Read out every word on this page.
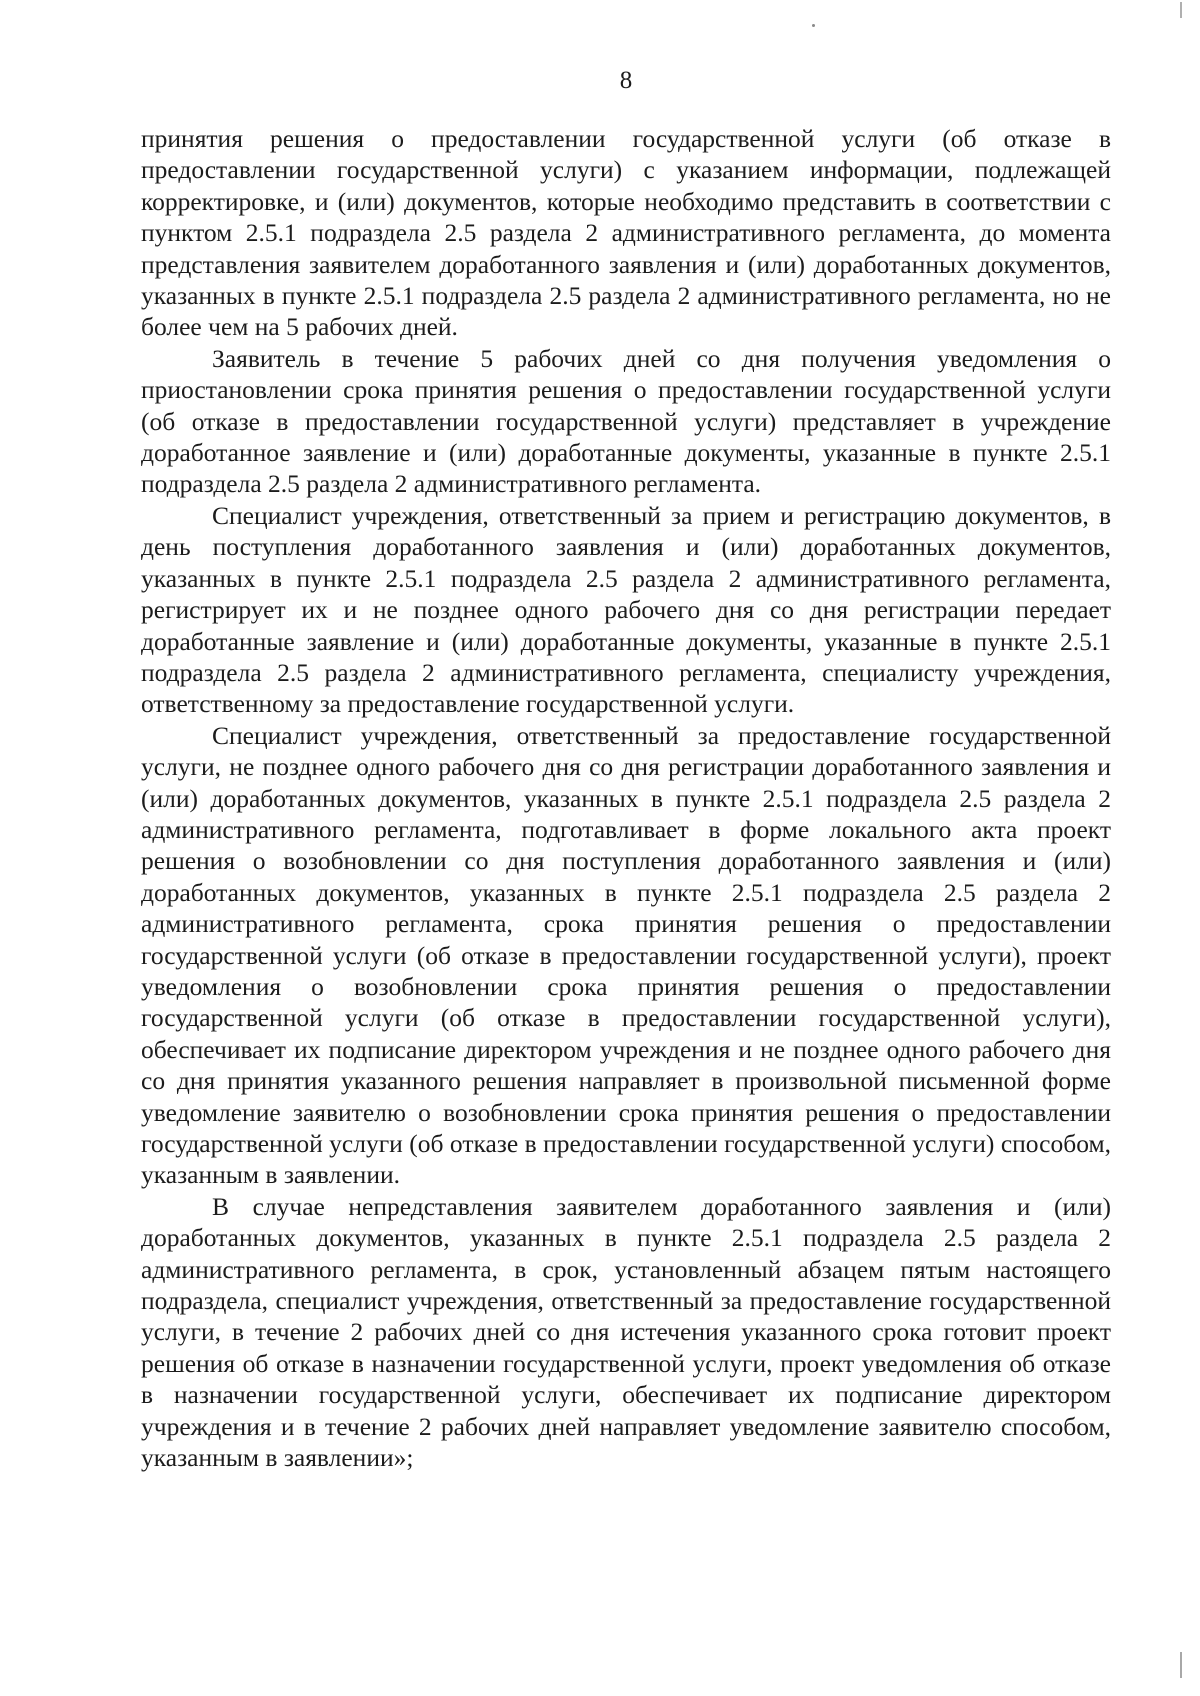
8

принятия решения о предоставлении государственной услуги (об отказе в предоставлении государственной услуги) с указанием информации, подлежащей корректировке, и (или) документов, которые необходимо представить в соответствии с пунктом 2.5.1 подраздела 2.5 раздела 2 административного регламента, до момента представления заявителем доработанного заявления и (или) доработанных документов, указанных в пункте 2.5.1 подраздела 2.5 раздела 2 административного регламента, но не более чем на 5 рабочих дней.

Заявитель в течение 5 рабочих дней со дня получения уведомления о приостановлении срока принятия решения о предоставлении государственной услуги (об отказе в предоставлении государственной услуги) представляет в учреждение доработанное заявление и (или) доработанные документы, указанные в пункте 2.5.1 подраздела 2.5 раздела 2 административного регламента.

Специалист учреждения, ответственный за прием и регистрацию документов, в день поступления доработанного заявления и (или) доработанных документов, указанных в пункте 2.5.1 подраздела 2.5 раздела 2 административного регламента, регистрирует их и не позднее одного рабочего дня со дня регистрации передает доработанные заявление и (или) доработанные документы, указанные в пункте 2.5.1 подраздела 2.5 раздела 2 административного регламента, специалисту учреждения, ответственному за предоставление государственной услуги.

Специалист учреждения, ответственный за предоставление государственной услуги, не позднее одного рабочего дня со дня регистрации доработанного заявления и (или) доработанных документов, указанных в пункте 2.5.1 подраздела 2.5 раздела 2 административного регламента, подготавливает в форме локального акта проект решения о возобновлении со дня поступления доработанного заявления и (или) доработанных документов, указанных в пункте 2.5.1 подраздела 2.5 раздела 2 административного регламента, срока принятия решения о предоставлении государственной услуги (об отказе в предоставлении государственной услуги), проект уведомления о возобновлении срока принятия решения о предоставлении государственной услуги (об отказе в предоставлении государственной услуги), обеспечивает их подписание директором учреждения и не позднее одного рабочего дня со дня принятия указанного решения направляет в произвольной письменной форме уведомление заявителю о возобновлении срока принятия решения о предоставлении государственной услуги (об отказе в предоставлении государственной услуги) способом, указанным в заявлении.

В случае непредставления заявителем доработанного заявления и (или) доработанных документов, указанных в пункте 2.5.1 подраздела 2.5 раздела 2 административного регламента, в срок, установленный абзацем пятым настоящего подраздела, специалист учреждения, ответственный за предоставление государственной услуги, в течение 2 рабочих дней со дня истечения указанного срока готовит проект решения об отказе в назначении государственной услуги, проект уведомления об отказе в назначении государственной услуги, обеспечивает их подписание директором учреждения и в течение 2 рабочих дней направляет уведомление заявителю способом, указанным в заявлении»;
